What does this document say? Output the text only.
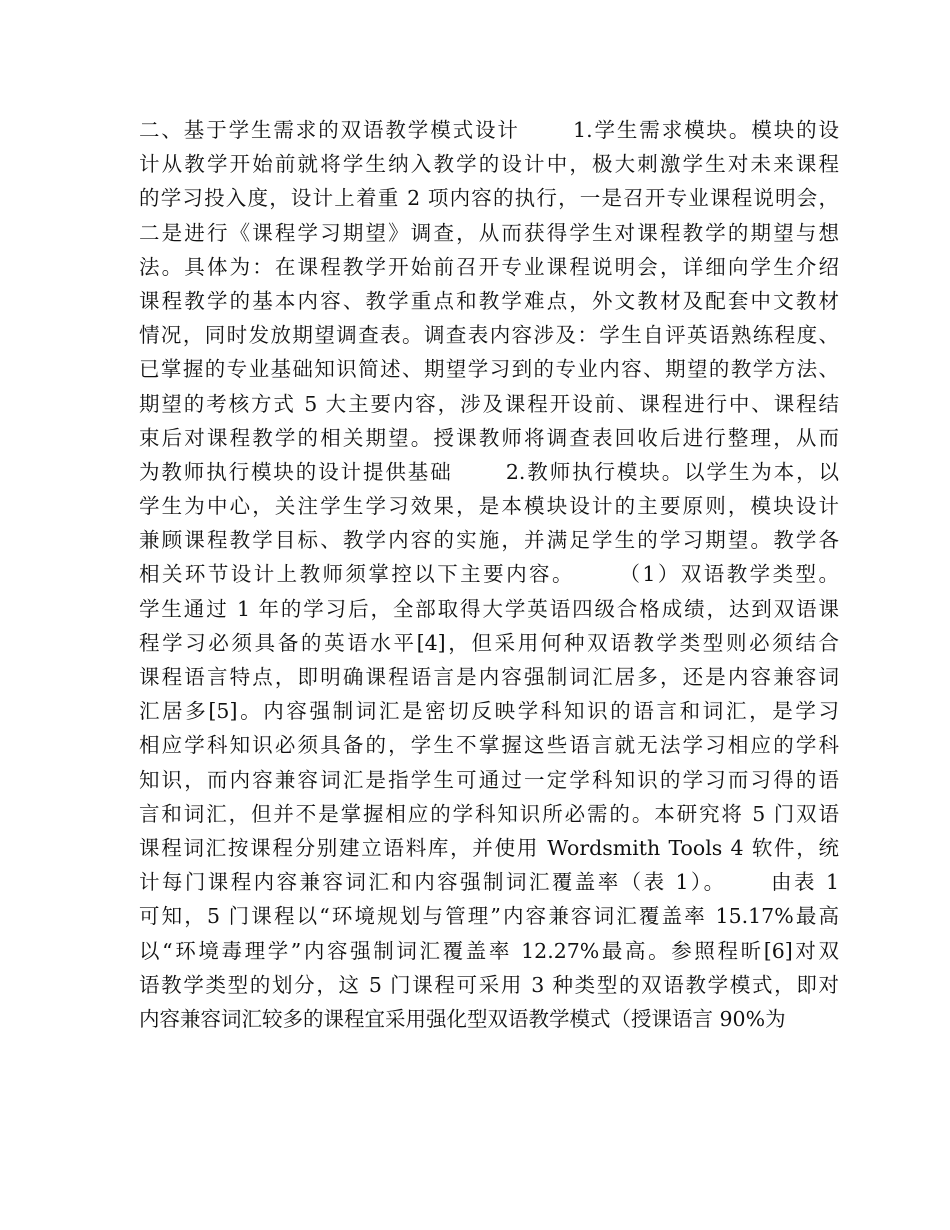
二、基于学生需求的双语教学模式设计　　 1.学生需求模块。模块的设
计从教学开始前就将学生纳入教学的设计中，极大刺激学生对未来课程
的学习投入度，设计上着重 2 项内容的执行，一是召开专业课程说明会，
二是进行《课程学习期望》调查，从而获得学生对课程教学的期望与想
法。具体为：在课程教学开始前召开专业课程说明会，详细向学生介绍
课程教学的基本内容、教学重点和教学难点，外文教材及配套中文教材
情况，同时发放期望调查表。调查表内容涉及：学生自评英语熟练程度、
已掌握的专业基础知识简述、期望学习到的专业内容、期望的教学方法、
期望的考核方式 5 大主要内容，涉及课程开设前、课程进行中、课程结
束后对课程教学的相关期望。授课教师将调查表回收后进行整理，从而
为教师执行模块的设计提供基础　　 2.教师执行模块。以学生为本，以
学生为中心，关注学生学习效果，是本模块设计的主要原则，模块设计
兼顾课程教学目标、教学内容的实施，并满足学生的学习期望。教学各
相关环节设计上教师须掌控以下主要内容。　　 （1）双语教学类型。
学生通过 1 年的学习后，全部取得大学英语四级合格成绩，达到双语课
程学习必须具备的英语水平[4]，但采用何种双语教学类型则必须结合
课程语言特点，即明确课程语言是内容强制词汇居多，还是内容兼容词
汇居多[5]。内容强制词汇是密切反映学科知识的语言和词汇，是学习
相应学科知识必须具备的，学生不掌握这些语言就无法学习相应的学科
知识，而内容兼容词汇是指学生可通过一定学科知识的学习而习得的语
言和词汇，但并不是掌握相应的学科知识所必需的。本研究将 5 门双语
课程词汇按课程分别建立语料库，并使用 Wordsmith Tools 4 软件，统
计每门课程内容兼容词汇和内容强制词汇覆盖率（表 1）。　　 由表 1
可知，5 门课程以“环境规划与管理”内容兼容词汇覆盖率 15.17%最高
以“环境毒理学”内容强制词汇覆盖率 12.27%最高。参照程昕[6]对双
语教学类型的划分，这 5 门课程可采用 3 种类型的双语教学模式，即对
内容兼容词汇较多的课程宜采用强化型双语教学模式（授课语言 90%为
